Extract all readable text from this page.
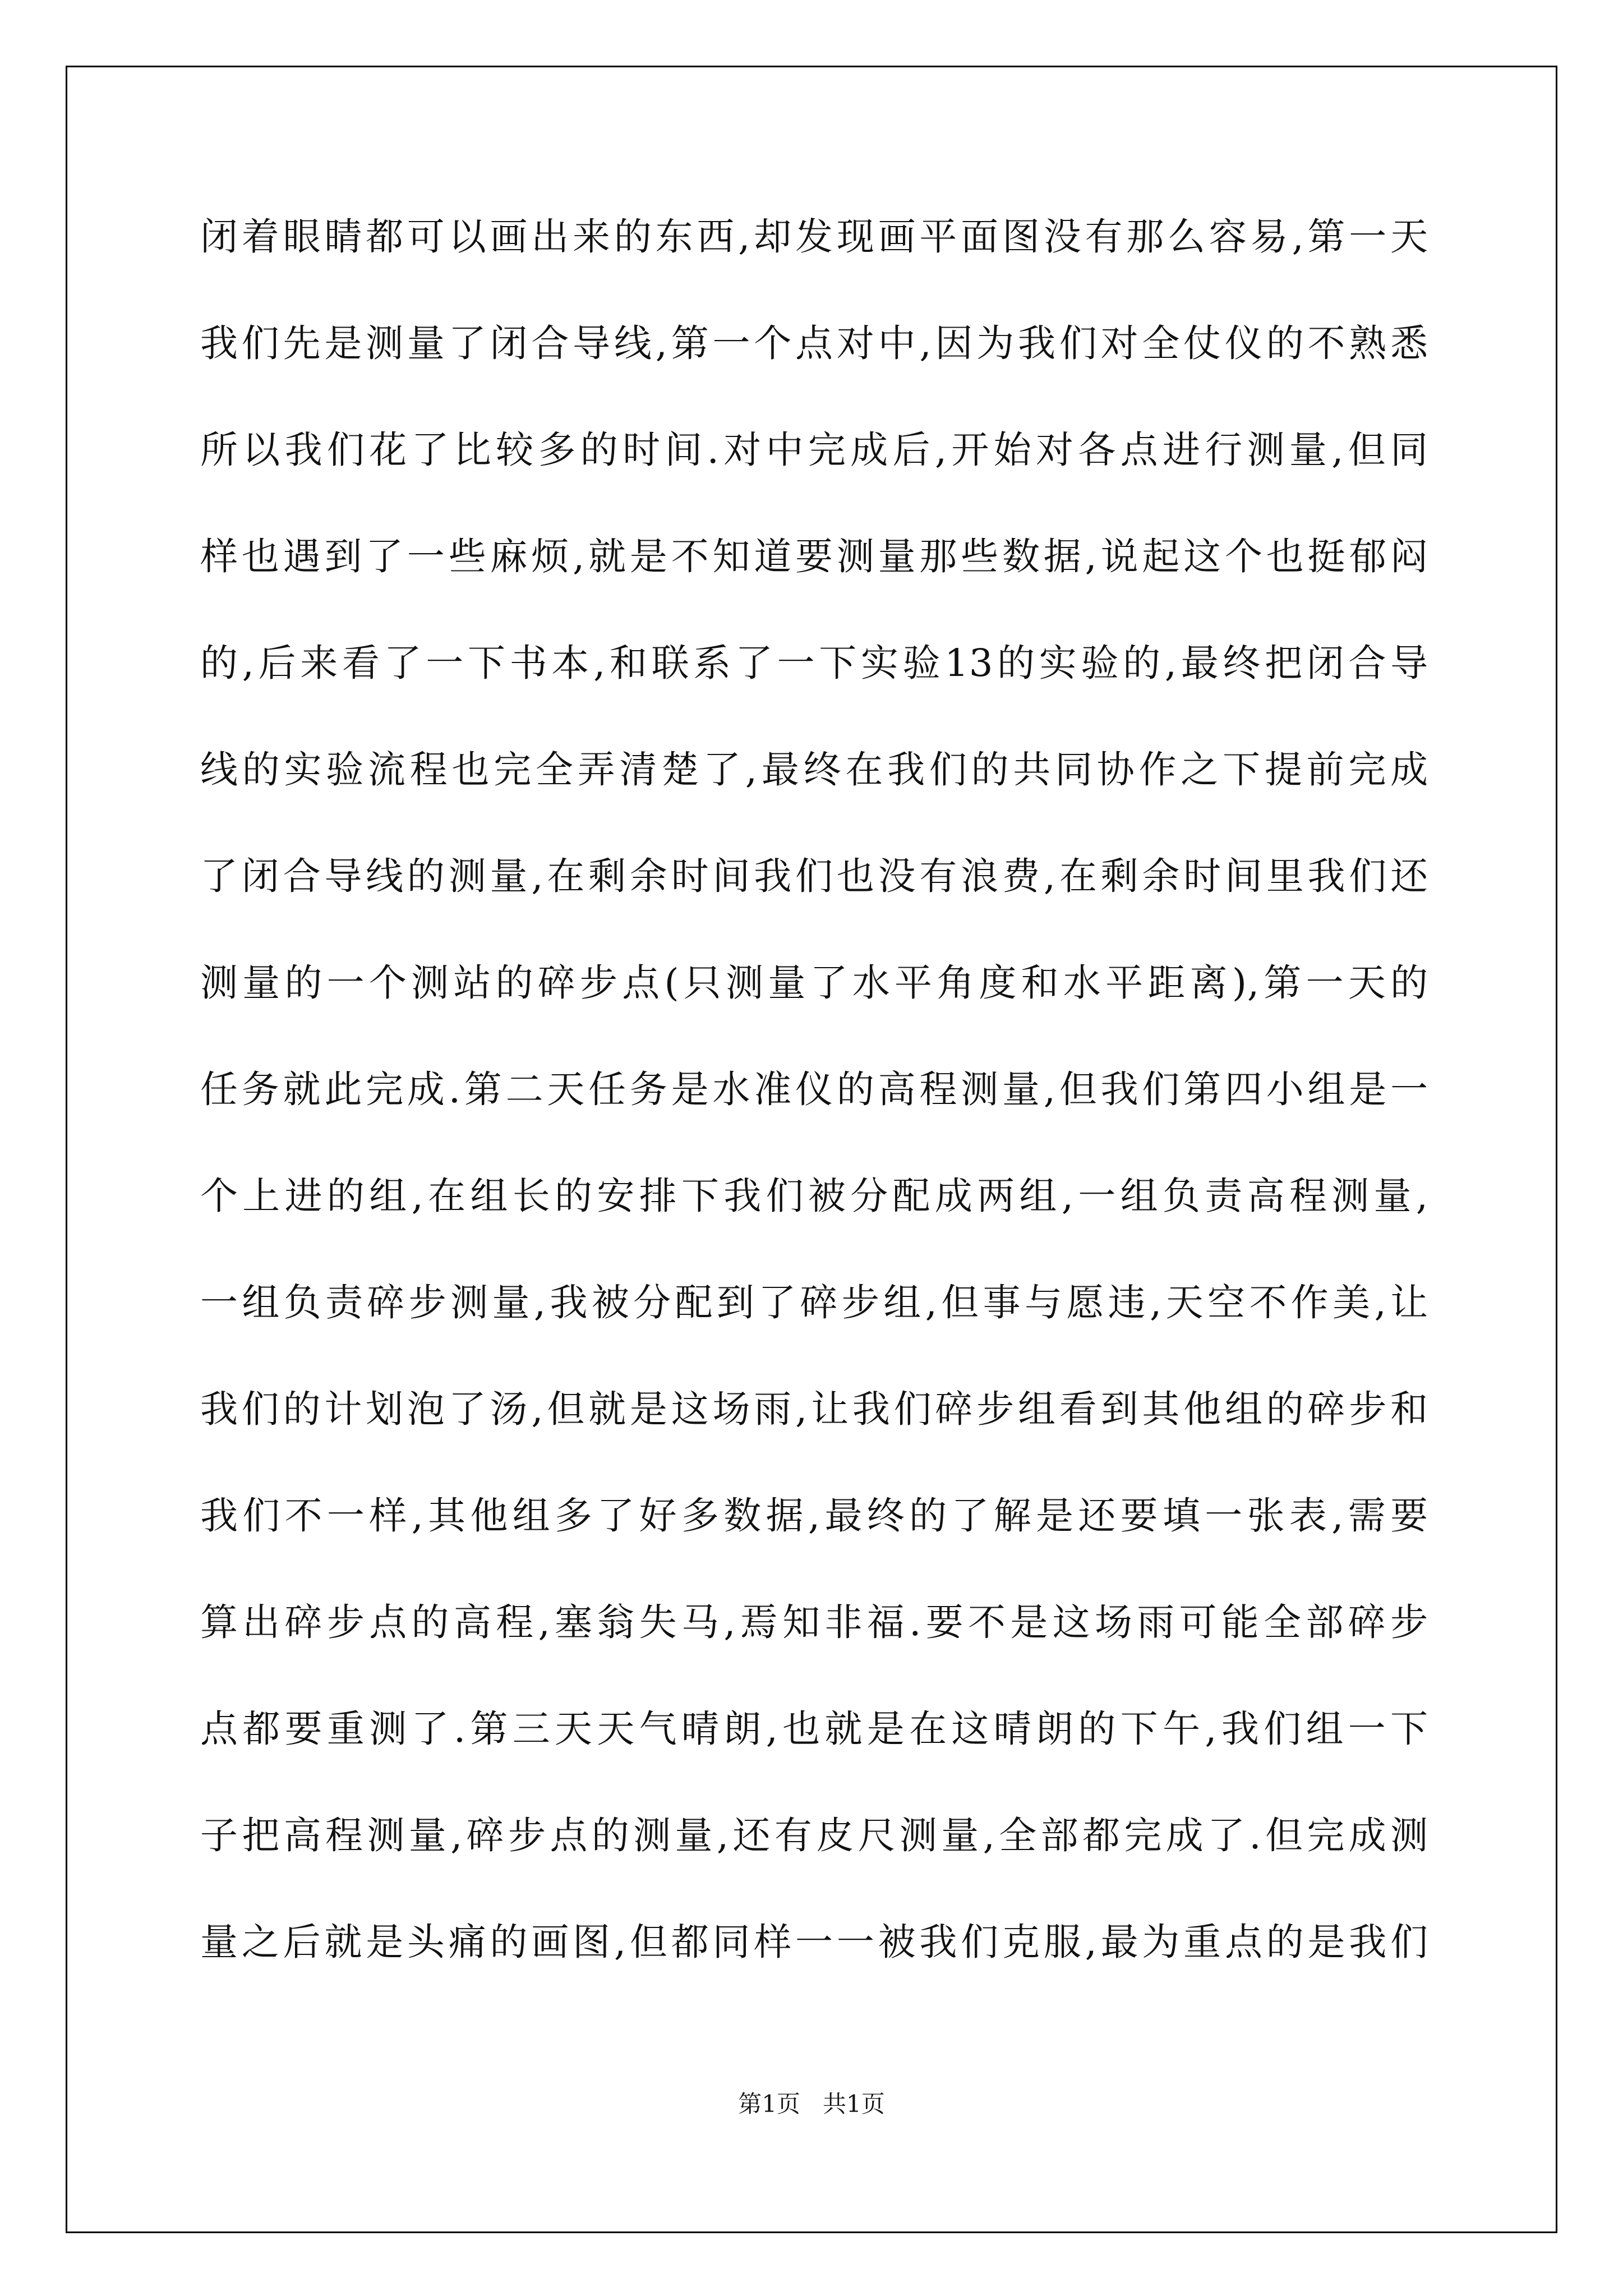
闭着眼睛都可以画出来的东西,却发现画平面图没有那么容易,第一天
我们先是测量了闭合导线,第一个点对中,因为我们对全仗仪的不熟悉
所以我们花了比较多的时间.对中完成后,开始对各点进行测量,但同
样也遇到了一些麻烦,就是不知道要测量那些数据,说起这个也挺郁闷
的,后来看了一下书本,和联系了一下实验13的实验的,最终把闭合导
线的实验流程也完全弄清楚了,最终在我们的共同协作之下提前完成
了闭合导线的测量,在剩余时间我们也没有浪费,在剩余时间里我们还
测量的一个测站的碎步点(只测量了水平角度和水平距离),第一天的
任务就此完成.第二天任务是水准仪的高程测量,但我们第四小组是一
个上进的组,在组长的安排下我们被分配成两组,一组负责高程测量,
一组负责碎步测量,我被分配到了碎步组,但事与愿违,天空不作美,让
我们的计划泡了汤,但就是这场雨,让我们碎步组看到其他组的碎步和
我们不一样,其他组多了好多数据,最终的了解是还要填一张表,需要
算出碎步点的高程,塞翁失马,焉知非福.要不是这场雨可能全部碎步
点都要重测了.第三天天气晴朗,也就是在这晴朗的下午,我们组一下
子把高程测量,碎步点的测量,还有皮尺测量,全部都完成了.但完成测
量之后就是头痛的画图,但都同样一一被我们克服,最为重点的是我们
第1页   共1页
